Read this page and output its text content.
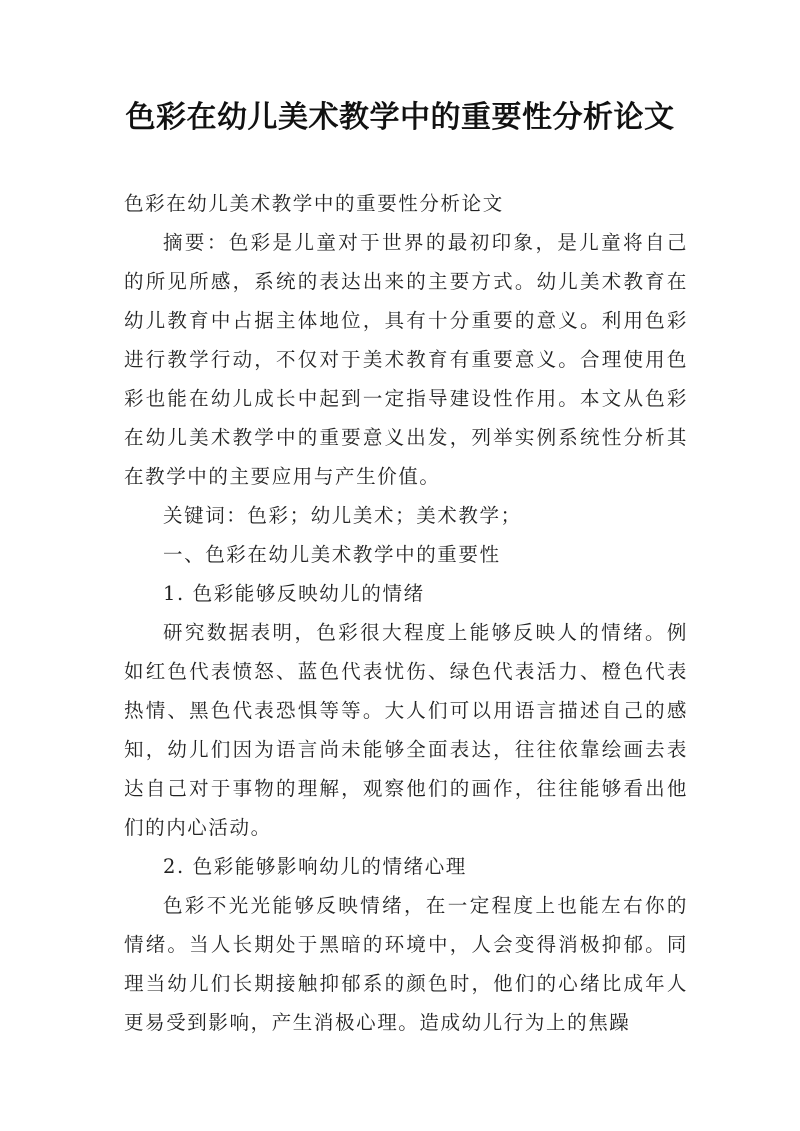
色彩在幼儿美术教学中的重要性分析论文

色彩在幼儿美术教学中的重要性分析论文

摘要：色彩是儿童对于世界的最初印象，是儿童将自己的所见所感，系统的表达出来的主要方式。幼儿美术教育在幼儿教育中占据主体地位，具有十分重要的意义。利用色彩进行教学行动，不仅对于美术教育有重要意义。合理使用色彩也能在幼儿成长中起到一定指导建设性作用。本文从色彩在幼儿美术教学中的重要意义出发，列举实例系统性分析其在教学中的主要应用与产生价值。

关键词：色彩；幼儿美术；美术教学；

一、色彩在幼儿美术教学中的重要性

1. 色彩能够反映幼儿的情绪

研究数据表明，色彩很大程度上能够反映人的情绪。例如红色代表愤怒、蓝色代表忧伤、绿色代表活力、橙色代表热情、黑色代表恐惧等等。大人们可以用语言描述自己的感知，幼儿们因为语言尚未能够全面表达，往往依靠绘画去表达自己对于事物的理解，观察他们的画作，往往能够看出他们的内心活动。

2. 色彩能够影响幼儿的情绪心理

色彩不光光能够反映情绪，在一定程度上也能左右你的情绪。当人长期处于黑暗的环境中，人会变得消极抑郁。同理当幼儿们长期接触抑郁系的颜色时，他们的心绪比成年人更易受到影响，产生消极心理。造成幼儿行为上的焦躁
